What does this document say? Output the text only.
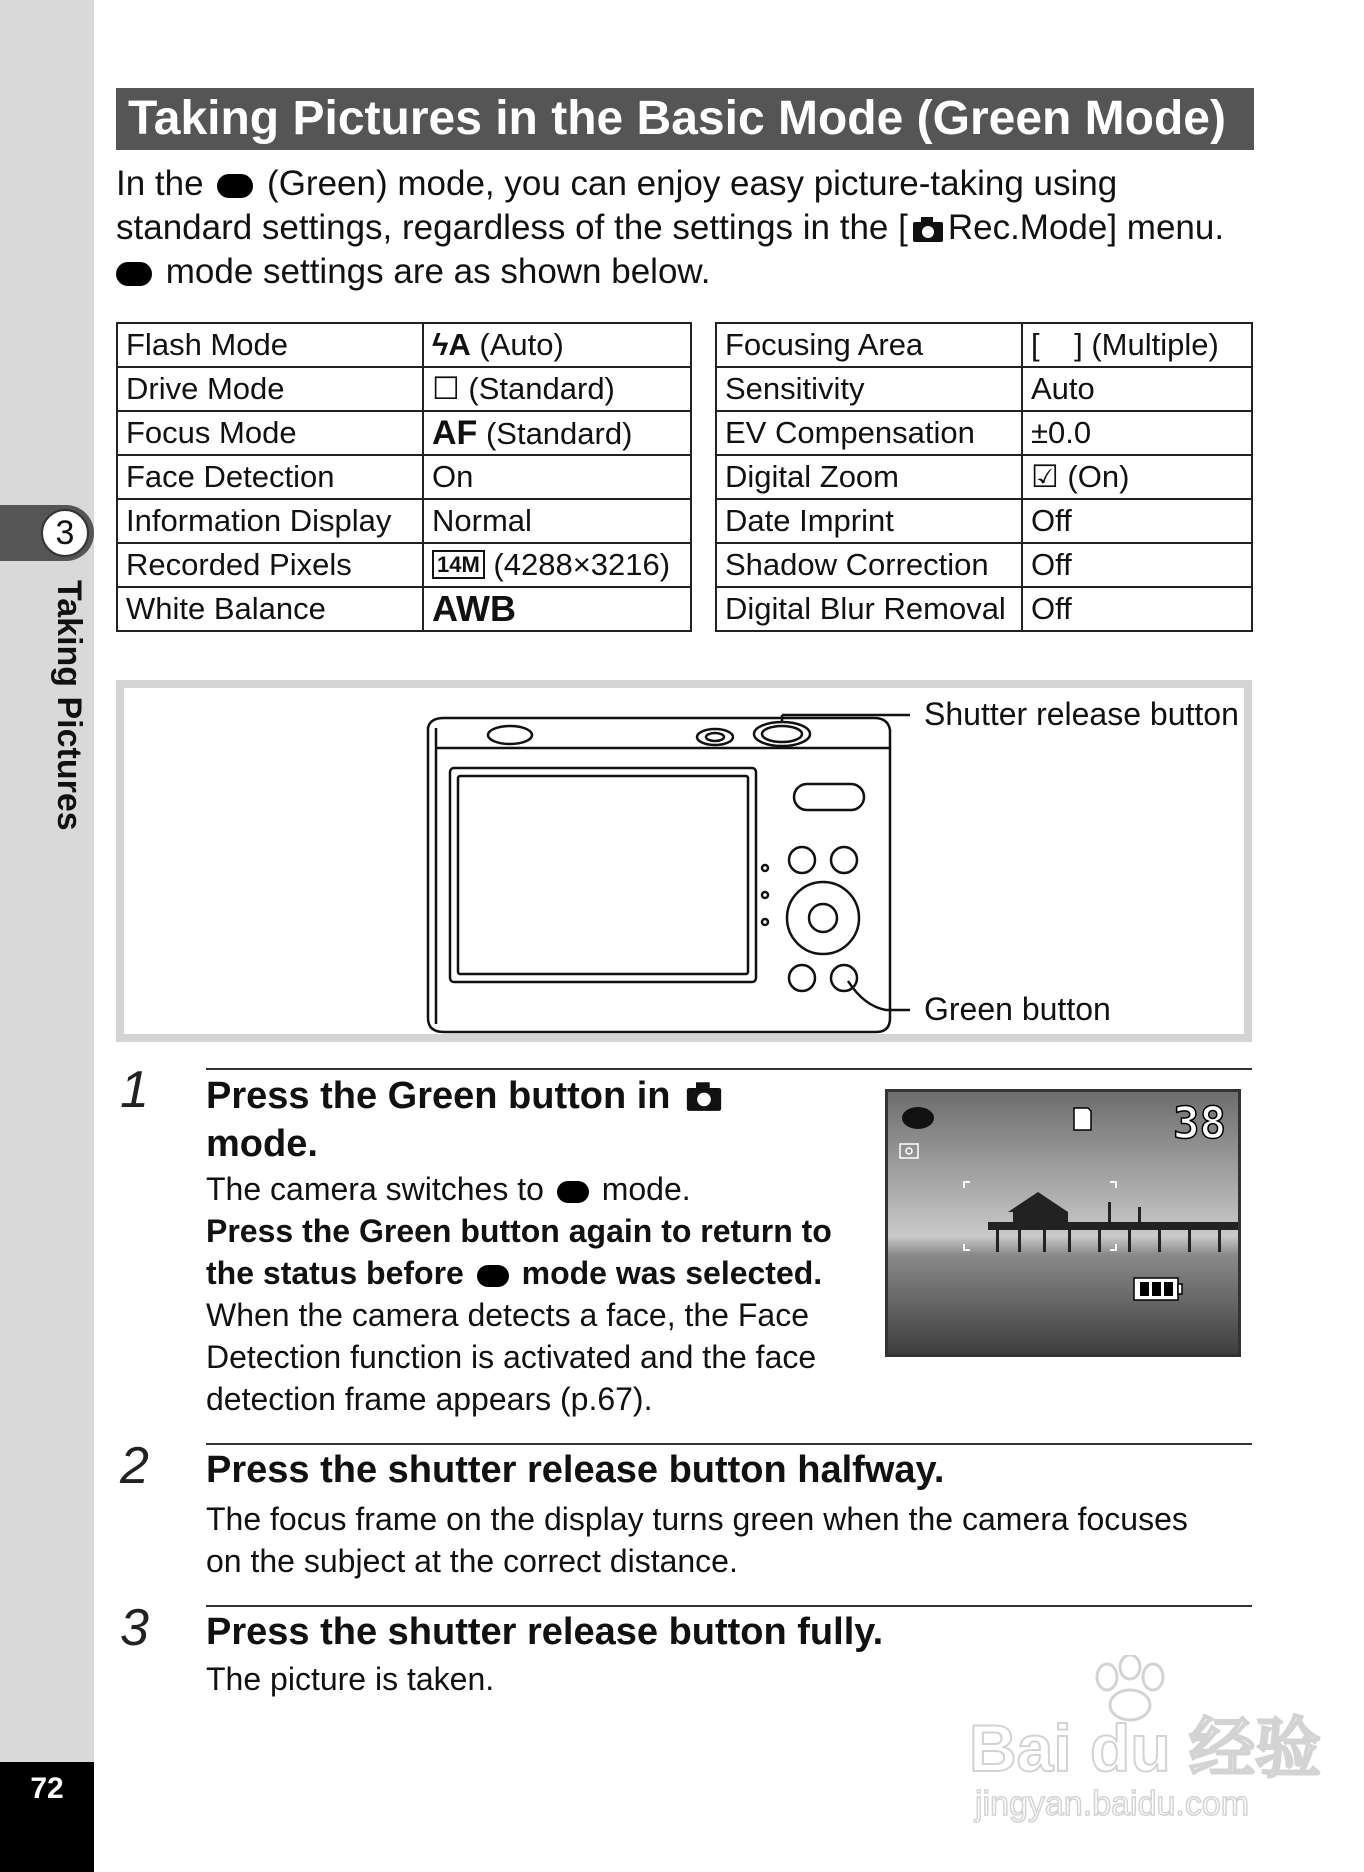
3
Taking Pictures
72
Taking Pictures in the Basic Mode (Green Mode)
In the (Green) mode, you can enjoy easy picture-taking using
standard settings, regardless of the settings in the [ Rec.Mode] menu.
mode settings are as shown below.
Flash Mode	ϟA (Auto)
Drive Mode	☐ (Standard)
Focus Mode	AF (Standard)
Face Detection	On
Information Display	Normal
Recorded Pixels	14M (4288×3216)
White Balance	AWB
Focusing Area	[    ] (Multiple)
Sensitivity	Auto
EV Compensation	±0.0
Digital Zoom	☑ (On)
Date Imprint	Off
Shadow Correction	Off
Digital Blur Removal	Off
Shutter release button
Green button
1 Press the Green button in
mode.
The camera switches to mode.
Press the Green button again to return to
the status before mode was selected.
When the camera detects a face, the Face
Detection function is activated and the face
detection frame appears (p.67).
38
2 Press the shutter release button halfway.
The focus frame on the display turns green when the camera focuses
on the subject at the correct distance.
3 Press the shutter release button fully.
The picture is taken.
Bai du 经验
jingyan.baidu.com
